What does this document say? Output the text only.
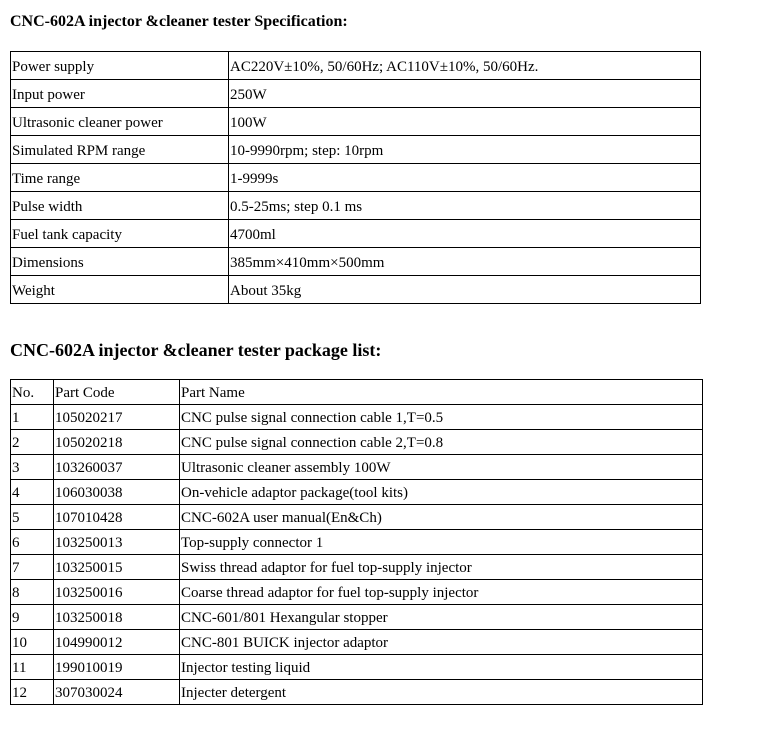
CNC-602A injector &cleaner tester Specification:
Power supply	AC220V±10%, 50/60Hz; AC110V±10%, 50/60Hz.
Input power	250W
Ultrasonic cleaner power	100W
Simulated RPM range	10-9990rpm; step: 10rpm
Time range	1-9999s
Pulse width	0.5-25ms; step 0.1 ms
Fuel tank capacity	4700ml
Dimensions	385mm×410mm×500mm
Weight	About 35kg
CNC-602A injector &cleaner tester package list:
No.	Part Code	Part Name
1	105020217	CNC pulse signal connection cable 1,T=0.5
2	105020218	CNC pulse signal connection cable 2,T=0.8
3	103260037	Ultrasonic cleaner assembly 100W
4	106030038	On-vehicle adaptor package(tool kits)
5	107010428	CNC-602A user manual(En&Ch)
6	103250013	Top-supply connector 1
7	103250015	Swiss thread adaptor for fuel top-supply injector
8	103250016	Coarse thread adaptor for fuel top-supply injector
9	103250018	CNC-601/801 Hexangular stopper
10	104990012	CNC-801 BUICK injector adaptor
11	199010019	Injector testing liquid
12	307030024	Injecter detergent
